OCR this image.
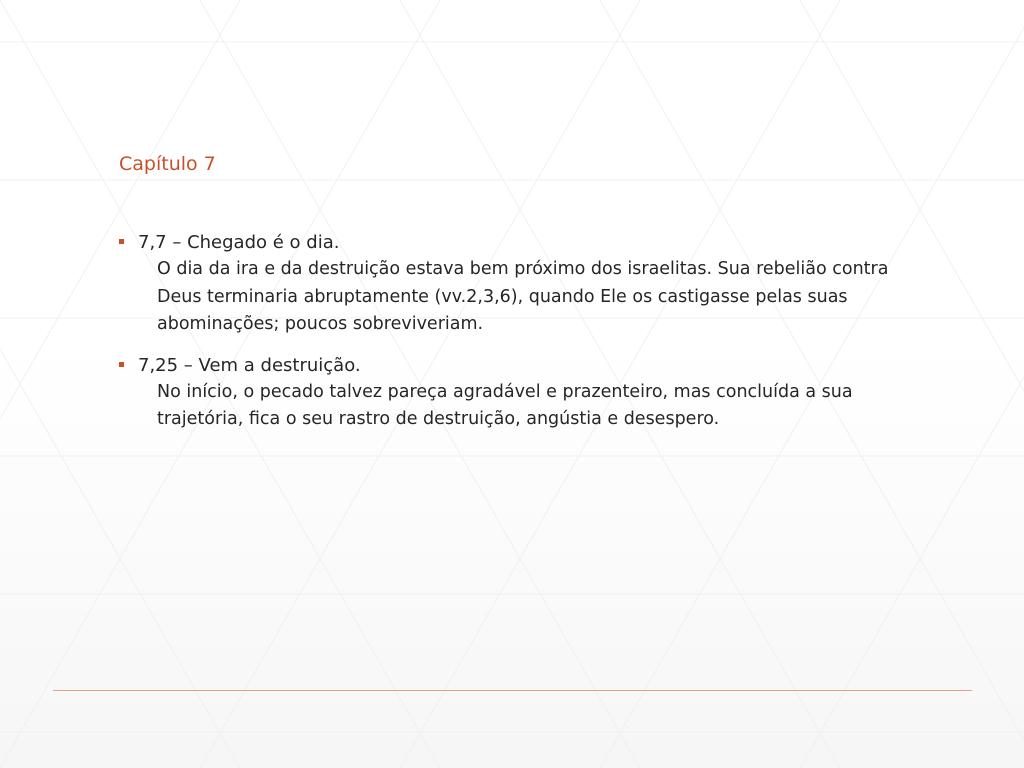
Capítulo 7
7,7 – Chegado é o dia.
O dia da ira e da destruição estava bem próximo dos israelitas. Sua rebelião contra Deus terminaria abruptamente (vv.2,3,6), quando Ele os castigasse pelas suas abominações; poucos sobreviveriam.
7,25 – Vem a destruição.
No início, o pecado talvez pareça agradável e prazenteiro, mas concluída a sua trajetória, fica o seu rastro de destruição, angústia e desespero.
